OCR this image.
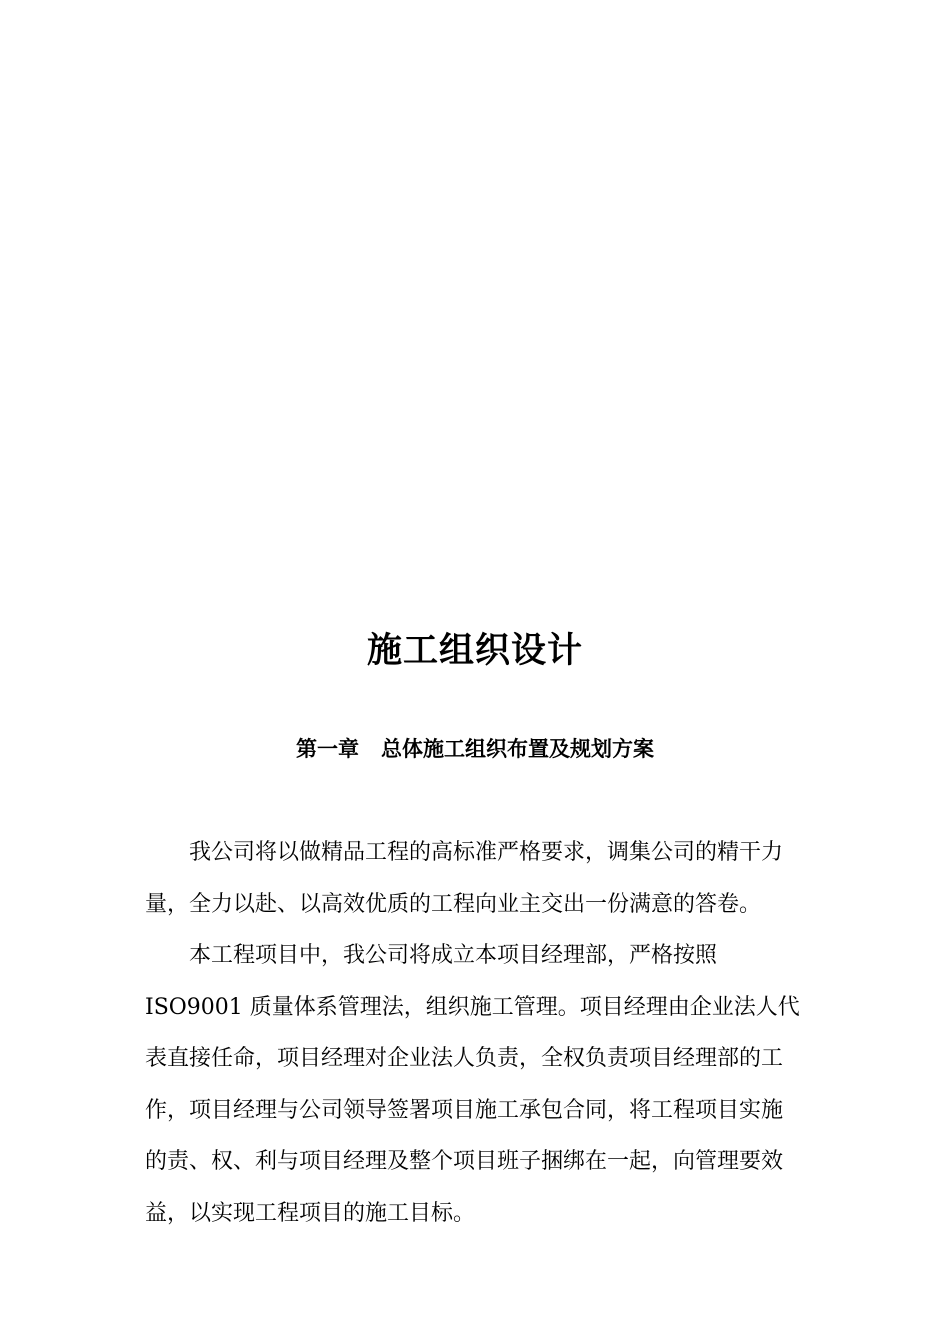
施工组织设计
第一章   总体施工组织布置及规划方案

我公司将以做精品工程的高标准严格要求，调集公司的精干力
量，全力以赴、以高效优质的工程向业主交出一份满意的答卷。

本工程项目中，我公司将成立本项目经理部，严格按照
ISO9001 质量体系管理法，组织施工管理。项目经理由企业法人代
表直接任命，项目经理对企业法人负责，全权负责项目经理部的工
作，项目经理与公司领导签署项目施工承包合同，将工程项目实施
的责、权、利与项目经理及整个项目班子捆绑在一起，向管理要效
益，以实现工程项目的施工目标。
